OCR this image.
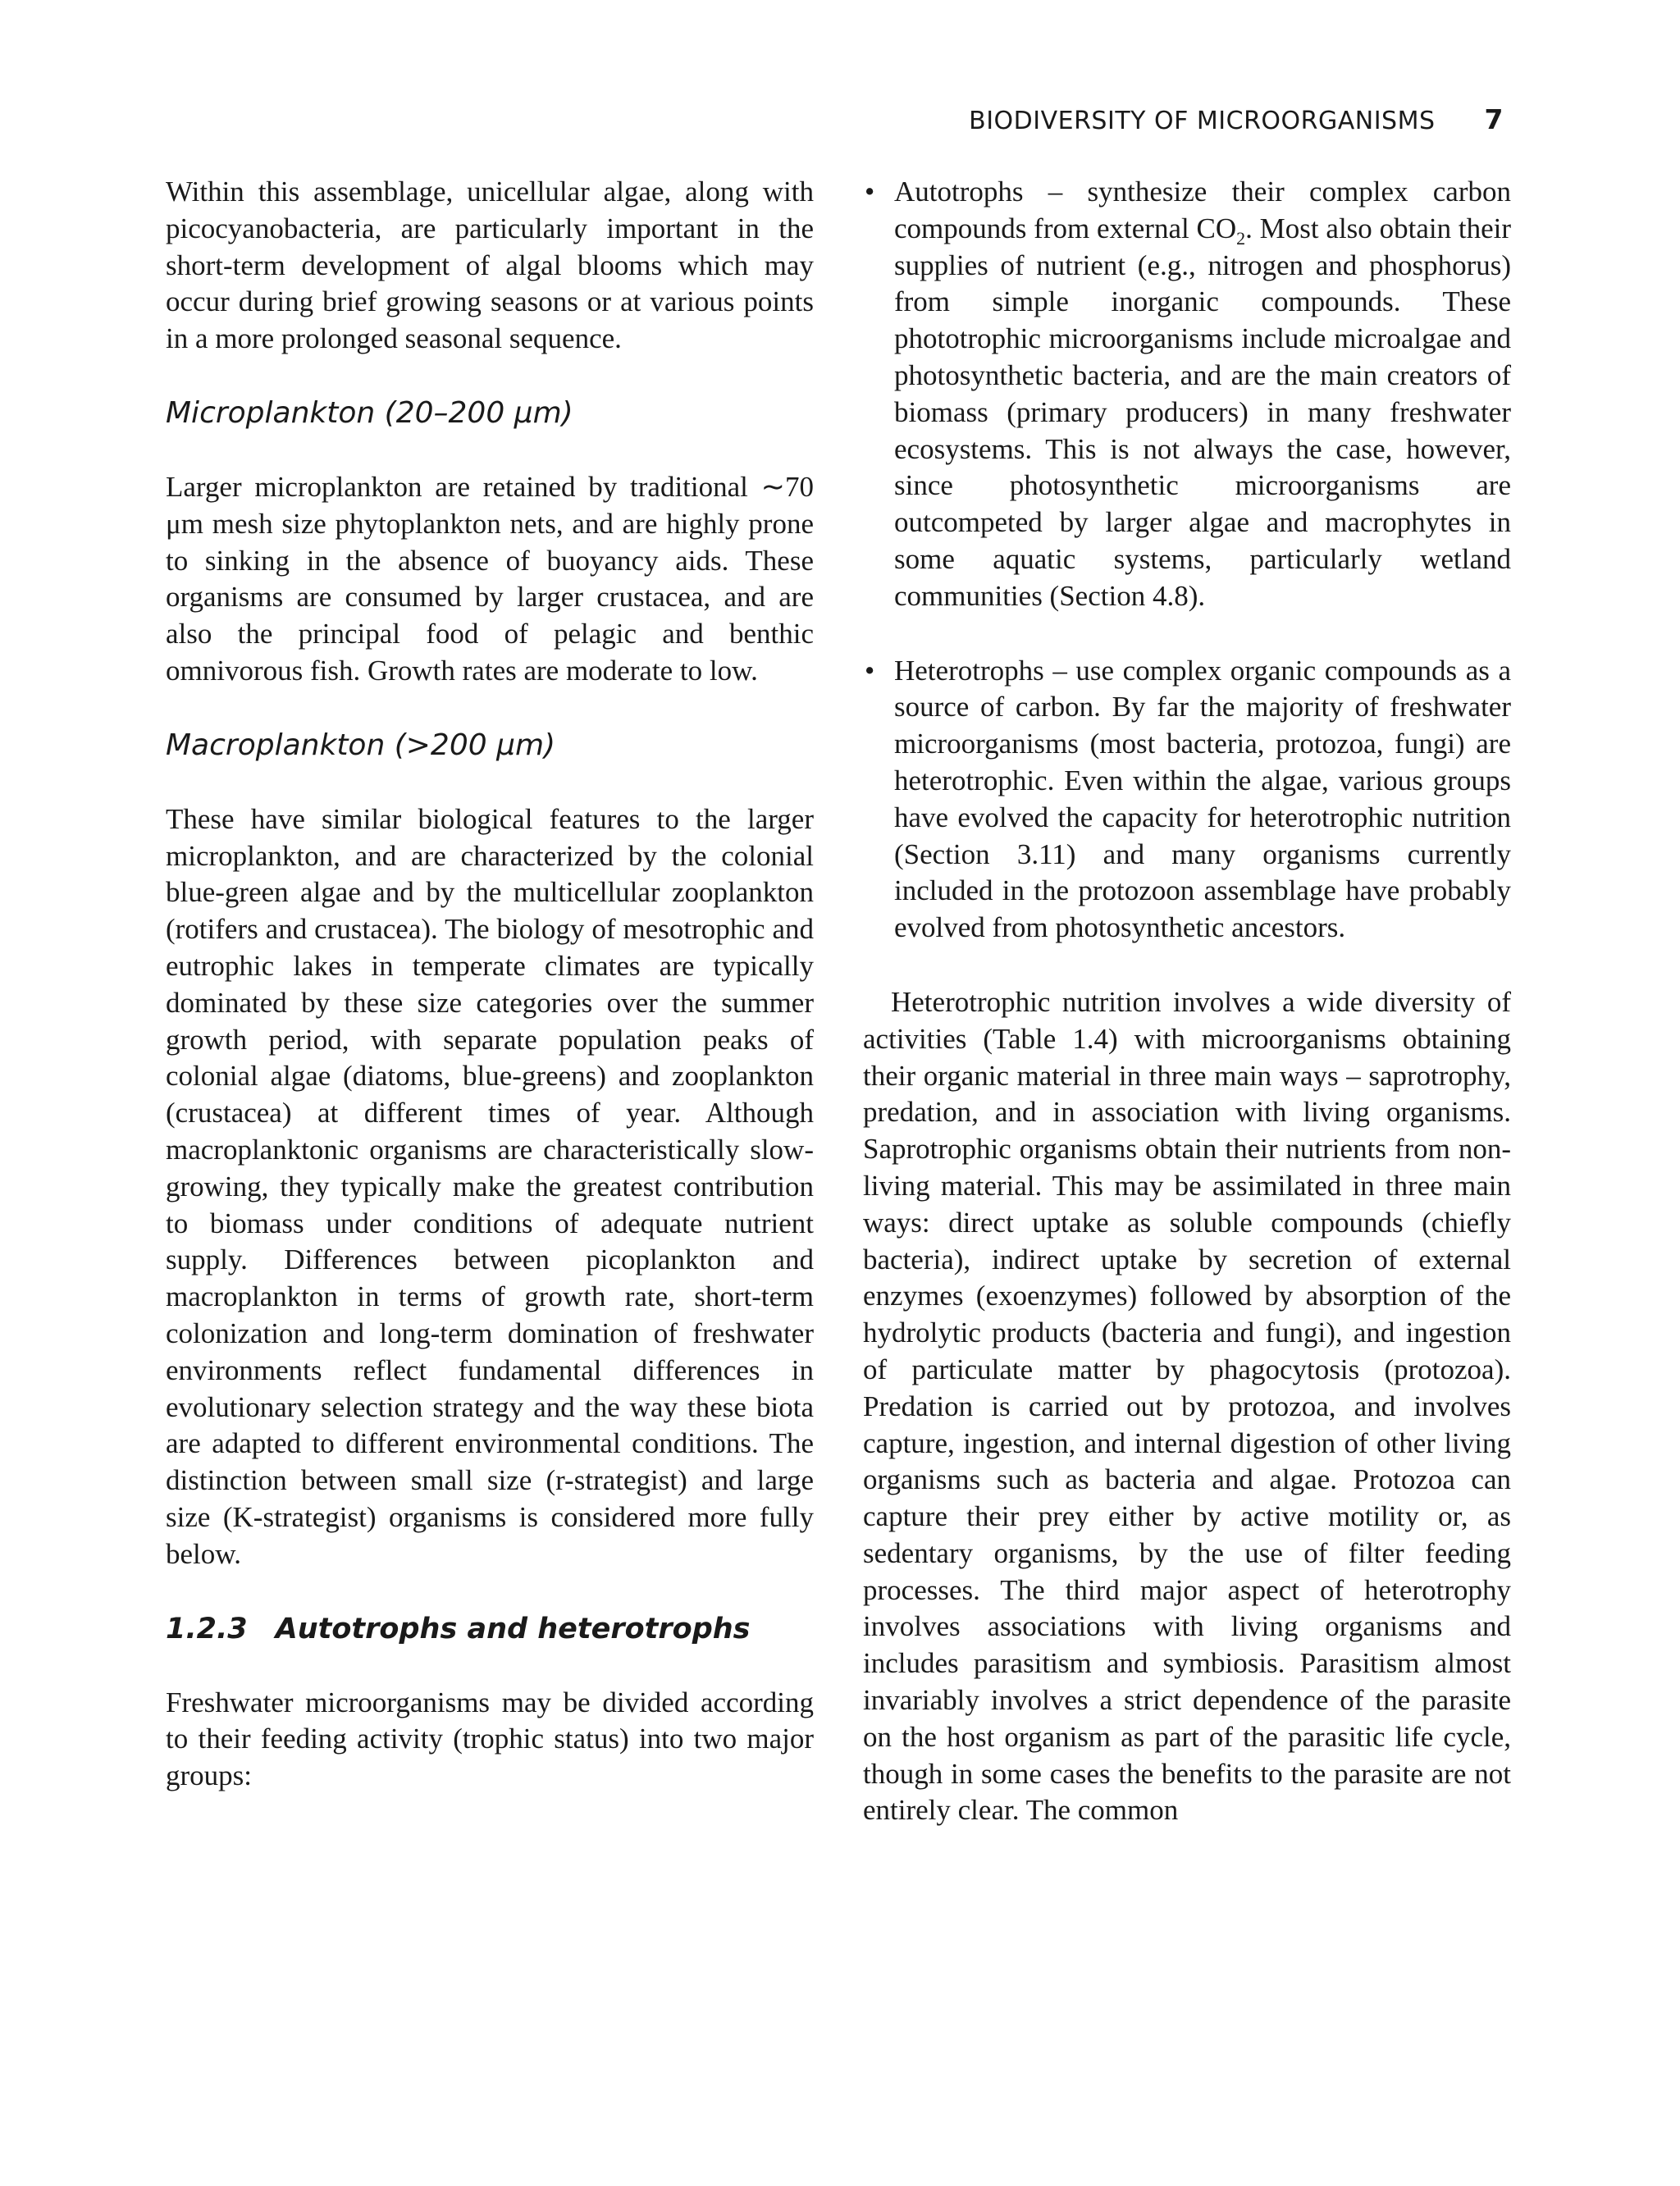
BIODIVERSITY OF MICROORGANISMS 7

Within this assemblage, unicellular algae, along with picocyanobacteria, are particularly important in the short-term development of algal blooms which may occur during brief growing seasons or at various points in a more prolonged seasonal sequence.

Microplankton (20–200 μm)

Larger microplankton are retained by traditional ∼70 μm mesh size phytoplankton nets, and are highly prone to sinking in the absence of buoyancy aids. These organisms are consumed by larger crustacea, and are also the principal food of pelagic and benthic omnivorous fish. Growth rates are moderate to low.

Macroplankton (>200 μm)

These have similar biological features to the larger microplankton, and are characterized by the colonial blue-green algae and by the multicellular zooplankton (rotifers and crustacea). The biology of mesotrophic and eutrophic lakes in temperate climates are typically dominated by these size categories over the summer growth period, with separate population peaks of colonial algae (diatoms, blue-greens) and zooplankton (crustacea) at different times of year. Although macroplanktonic organisms are characteristically slow-growing, they typically make the greatest contribution to biomass under conditions of adequate nutrient supply. Differences between picoplankton and macroplankton in terms of growth rate, short-term colonization and long-term domination of freshwater environments reflect fundamental differences in evolutionary selection strategy and the way these biota are adapted to different environmental conditions. The distinction between small size (r-strategist) and large size (K-strategist) organisms is considered more fully below.

1.2.3 Autotrophs and heterotrophs

Freshwater microorganisms may be divided according to their feeding activity (trophic status) into two major groups:

• Autotrophs – synthesize their complex carbon compounds from external $CO_2$. Most also obtain their supplies of nutrient (e.g., nitrogen and phosphorus) from simple inorganic compounds. These phototrophic microorganisms include microalgae and photosynthetic bacteria, and are the main creators of biomass (primary producers) in many freshwater ecosystems. This is not always the case, however, since photosynthetic microorganisms are outcompeted by larger algae and macrophytes in some aquatic systems, particularly wetland communities (Section 4.8).

• Heterotrophs – use complex organic compounds as a source of carbon. By far the majority of freshwater microorganisms (most bacteria, protozoa, fungi) are heterotrophic. Even within the algae, various groups have evolved the capacity for heterotrophic nutrition (Section 3.11) and many organisms currently included in the protozoon assemblage have probably evolved from photosynthetic ancestors.

Heterotrophic nutrition involves a wide diversity of activities (Table 1.4) with microorganisms obtaining their organic material in three main ways – saprotrophy, predation, and in association with living organisms. Saprotrophic organisms obtain their nutrients from non-living material. This may be assimilated in three main ways: direct uptake as soluble compounds (chiefly bacteria), indirect uptake by secretion of external enzymes (exoenzymes) followed by absorption of the hydrolytic products (bacteria and fungi), and ingestion of particulate matter by phagocytosis (protozoa). Predation is carried out by protozoa, and involves capture, ingestion, and internal digestion of other living organisms such as bacteria and algae. Protozoa can capture their prey either by active motility or, as sedentary organisms, by the use of filter feeding processes. The third major aspect of heterotrophy involves associations with living organisms and includes parasitism and symbiosis. Parasitism almost invariably involves a strict dependence of the parasite on the host organism as part of the parasitic life cycle, though in some cases the benefits to the parasite are not entirely clear. The common
